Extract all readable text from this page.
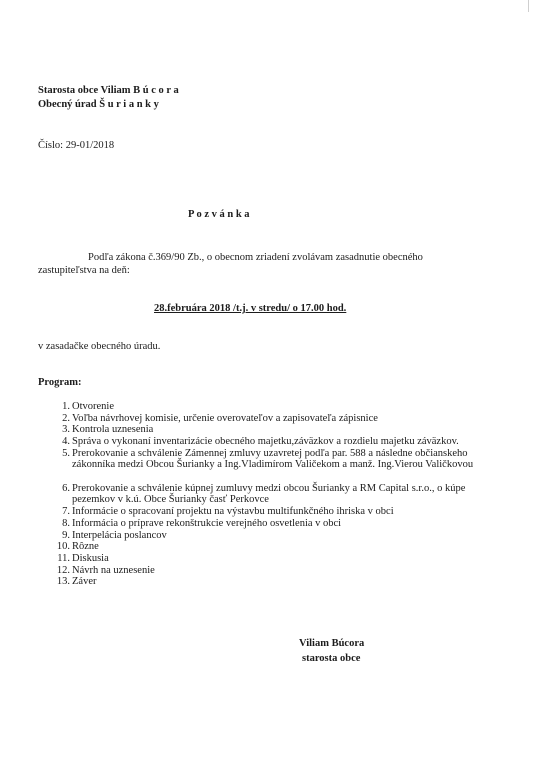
Starosta obce Viliam B ú c o r a
Obecný úrad Š u r i a n k y
Číslo: 29-01/2018
P o z v á n k a
Podľa zákona č.369/90 Zb., o obecnom zriadení zvolávam zasadnutie obecného
zastupiteľstva na deň:
28.februára 2018 /t.j. v stredu/ o 17.00 hod.
v zasadačke obecného úradu.
Program:
1. Otvorenie
2. Voľba návrhovej komisie, určenie overovateľov a zapisovateľa zápisnice
3. Kontrola uznesenia
4. Správa o vykonaní inventarizácie obecného majetku,záväzkov a rozdielu majetku záväzkov.
5. Prerokovanie a schválenie Zámennej zmluvy uzavretej podľa par. 588 a následne občianskeho zákonníka medzi Obcou Šurianky a Ing.Vladimírom Valičekom a manž. Ing.Vierou Valičkovou
6. Prerokovanie a schválenie kúpnej zumluvy medzi obcou Šurianky a RM Capital s.r.o., o kúpe pezemkov v k.ú. Obce Šurianky časť Perkovce
7. Informácie o spracovaní projektu na výstavbu multifunkčného ihriska v obci
8. Informácia o príprave rekonštrukcie verejného osvetlenia v obci
9. Interpelácia poslancov
10. Rôzne
11. Diskusia
12. Návrh na uznesenie
13. Záver
Viliam Búcora
starosta obce
